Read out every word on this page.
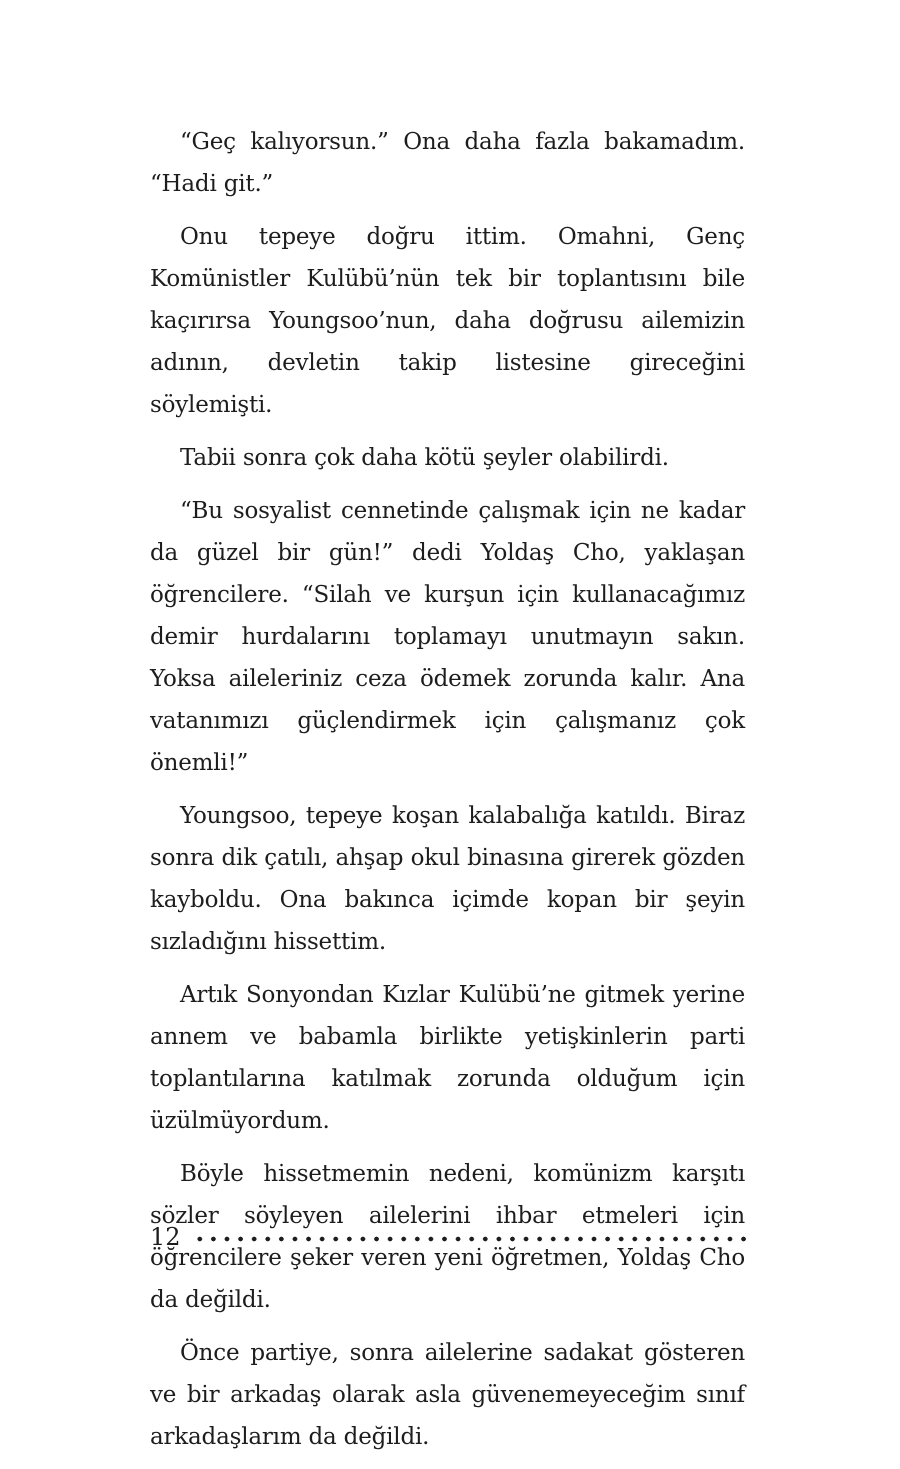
“Geç kalıyorsun.” Ona daha fazla bakamadım. “Hadi git.”

Onu tepeye doğru ittim. Omahni, Genç Komünistler Kulübü’nün tek bir toplantısını bile kaçırırsa Youngsoo’nun, daha doğrusu ailemizin adının, devletin takip listesine gireceğini söylemişti.

Tabii sonra çok daha kötü şeyler olabilirdi.

“Bu sosyalist cennetinde çalışmak için ne kadar da güzel bir gün!” dedi Yoldaş Cho, yaklaşan öğrencilere. “Silah ve kurşun için kullanacağımız demir hurdalarını toplamayı unutmayın sakın. Yoksa aileleriniz ceza ödemek zorunda kalır. Ana vatanımızı güçlendirmek için çalışmanız çok önemli!”

Youngsoo, tepeye koşan kalabalığa katıldı. Biraz sonra dik çatılı, ahşap okul binasına girerek gözden kayboldu. Ona bakınca içimde kopan bir şeyin sızladığını hissettim.

Artık Sonyondan Kızlar Kulübü’ne gitmek yerine annem ve babamla birlikte yetişkinlerin parti toplantılarına katılmak zorunda olduğum için üzülmüyordum.

Böyle hissetmemin nedeni, komünizm karşıtı sözler söyleyen ailelerini ihbar etmeleri için öğrencilere şeker veren yeni öğretmen, Yoldaş Cho da değildi.

Önce partiye, sonra ailelerine sadakat gösteren ve bir arkadaş olarak asla güvenemeyeceğim sınıf arkadaşlarım da değildi.

12
